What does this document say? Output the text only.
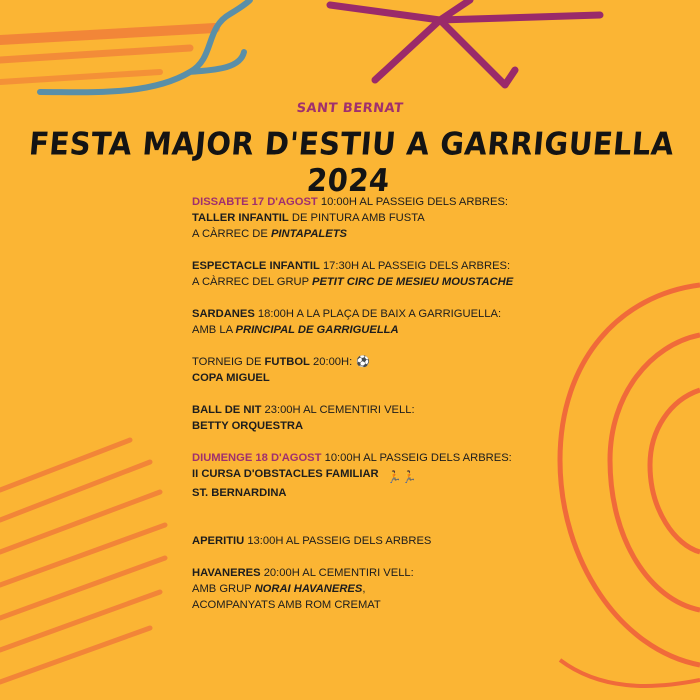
SANT BERNAT
FESTA MAJOR D'ESTIU A GARRIGUELLA 2024
DISSABTE 17 D'AGOST 10:00H AL PASSEIG DELS ARBRES:
TALLER INFANTIL DE PINTURA AMB FUSTA
A CÀRREC DE PINTAPALETS
ESPECTACLE INFANTIL 17:30H AL PASSEIG DELS ARBRES:
A CÀRREC DEL GRUP PETIT CIRC DE MESIEU MOUSTACHE
SARDANES 18:00H A LA PLAÇA DE BAIX A GARRIGUELLA:
AMB LA PRINCIPAL DE GARRIGUELLA
TORNEIG DE FUTBOL 20:00H: ⚽
COPA MIGUEL
BALL DE NIT 23:00H AL CEMENTIRI VELL:
BETTY ORQUESTRA
DIUMENGE 18 D'AGOST 10:00H AL PASSEIG DELS ARBRES:
II CURSA D'OBSTACLES FAMILIAR 🏃🏃
ST. BERNARDINA
APERITIU 13:00H AL PASSEIG DELS ARBRES
HAVANERES 20:00H AL CEMENTIRI VELL:
AMB GRUP NORAI HAVANERES,
ACOMPANYATS AMB ROM CREMAT
